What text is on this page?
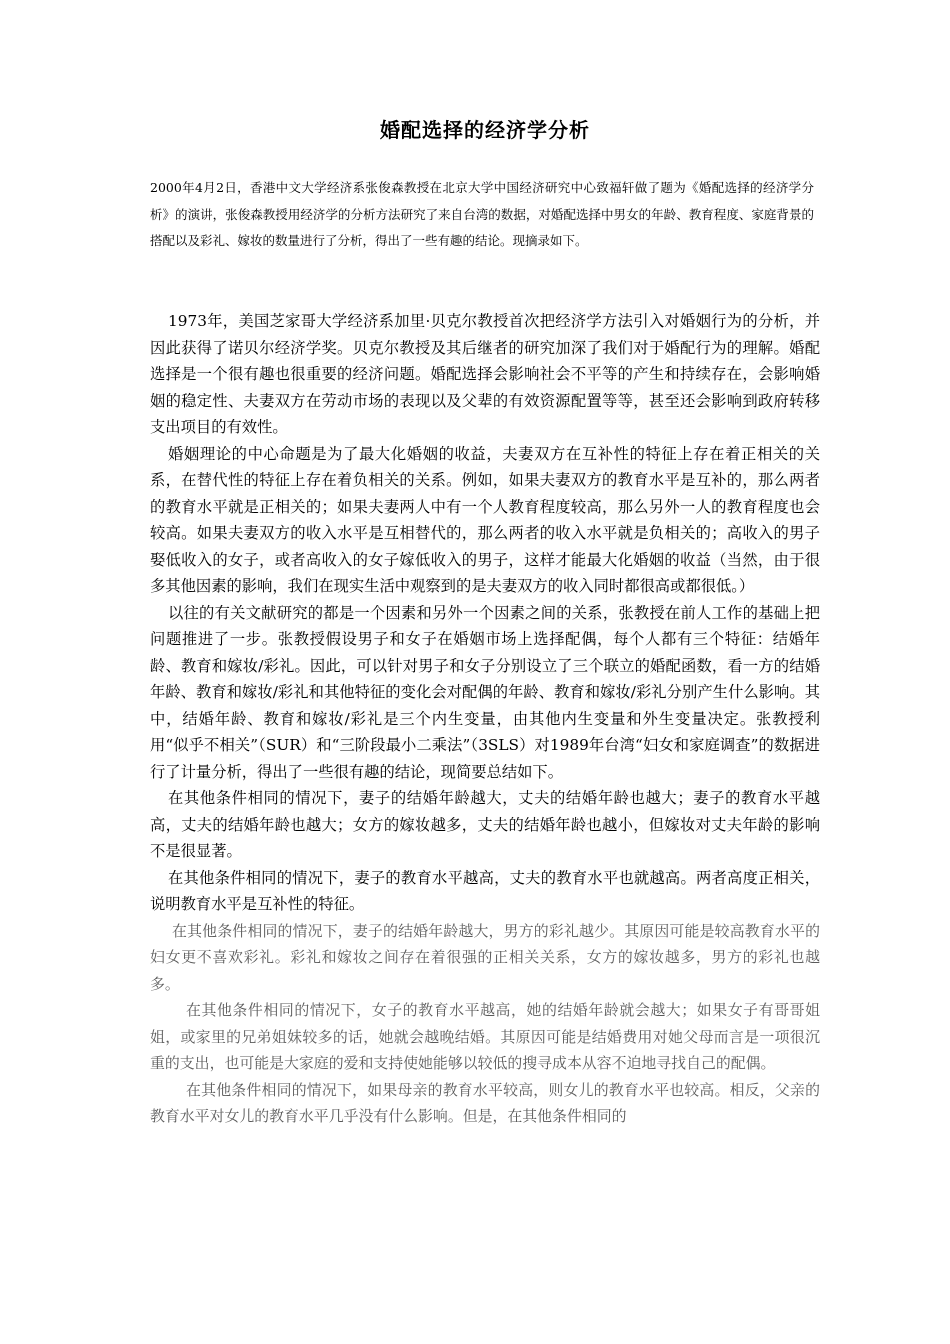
婚配选择的经济学分析
2000年4月2日，香港中文大学经济系张俊森教授在北京大学中国经济研究中心致福轩做了题为《婚配选择的经济学分析》的演讲，张俊森教授用经济学的分析方法研究了来自台湾的数据，对婚配选择中男女的年龄、教育程度、家庭背景的搭配以及彩礼、嫁妆的数量进行了分析，得出了一些有趣的结论。现摘录如下。

1973年，美国芝家哥大学经济系加里·贝克尔教授首次把经济学方法引入对婚姻行为的分析，并因此获得了诺贝尔经济学奖。贝克尔教授及其后继者的研究加深了我们对于婚配行为的理解。婚配选择是一个很有趣也很重要的经济问题。婚配选择会影响社会不平等的产生和持续存在，会影响婚姻的稳定性、夫妻双方在劳动市场的表现以及父辈的有效资源配置等等，甚至还会影响到政府转移支出项目的有效性。

婚姻理论的中心命题是为了最大化婚姻的收益，夫妻双方在互补性的特征上存在着正相关的关系，在替代性的特征上存在着负相关的关系。例如，如果夫妻双方的教育水平是互补的，那么两者的教育水平就是正相关的；如果夫妻两人中有一个人教育程度较高，那么另外一人的教育程度也会较高。如果夫妻双方的收入水平是互相替代的，那么两者的收入水平就是负相关的；高收入的男子娶低收入的女子，或者高收入的女子嫁低收入的男子，这样才能最大化婚姻的收益（当然，由于很多其他因素的影响，我们在现实生活中观察到的是夫妻双方的收入同时都很高或都很低。）

以往的有关文献研究的都是一个因素和另外一个因素之间的关系，张教授在前人工作的基础上把问题推进了一步。张教授假设男子和女子在婚姻市场上选择配偶，每个人都有三个特征：结婚年龄、教育和嫁妆/彩礼。因此，可以针对男子和女子分别设立了三个联立的婚配函数，看一方的结婚年龄、教育和嫁妆/彩礼和其他特征的变化会对配偶的年龄、教育和嫁妆/彩礼分别产生什么影响。其中，结婚年龄、教育和嫁妆/彩礼是三个内生变量，由其他内生变量和外生变量决定。张教授利用“似乎不相关”（SUR）和“三阶段最小二乘法”（3SLS）对1989年台湾“妇女和家庭调查”的数据进行了计量分析，得出了一些很有趣的结论，现简要总结如下。

在其他条件相同的情况下，妻子的结婚年龄越大，丈夫的结婚年龄也越大；妻子的教育水平越高，丈夫的结婚年龄也越大；女方的嫁妆越多，丈夫的结婚年龄也越小，但嫁妆对丈夫年龄的影响不是很显著。

在其他条件相同的情况下，妻子的教育水平越高，丈夫的教育水平也就越高。两者高度正相关，说明教育水平是互补性的特征。

在其他条件相同的情况下，妻子的结婚年龄越大，男方的彩礼越少。其原因可能是较高教育水平的妇女更不喜欢彩礼。彩礼和嫁妆之间存在着很强的正相关关系，女方的嫁妆越多，男方的彩礼也越多。

在其他条件相同的情况下，女子的教育水平越高，她的结婚年龄就会越大；如果女子有哥哥姐姐，或家里的兄弟姐妹较多的话，她就会越晚结婚。其原因可能是结婚费用对她父母而言是一项很沉重的支出，也可能是大家庭的爱和支持使她能够以较低的搜寻成本从容不迫地寻找自己的配偶。

在其他条件相同的情况下，如果母亲的教育水平较高，则女儿的教育水平也较高。相反，父亲的教育水平对女儿的教育水平几乎没有什么影响。但是，在其他条件相同的
